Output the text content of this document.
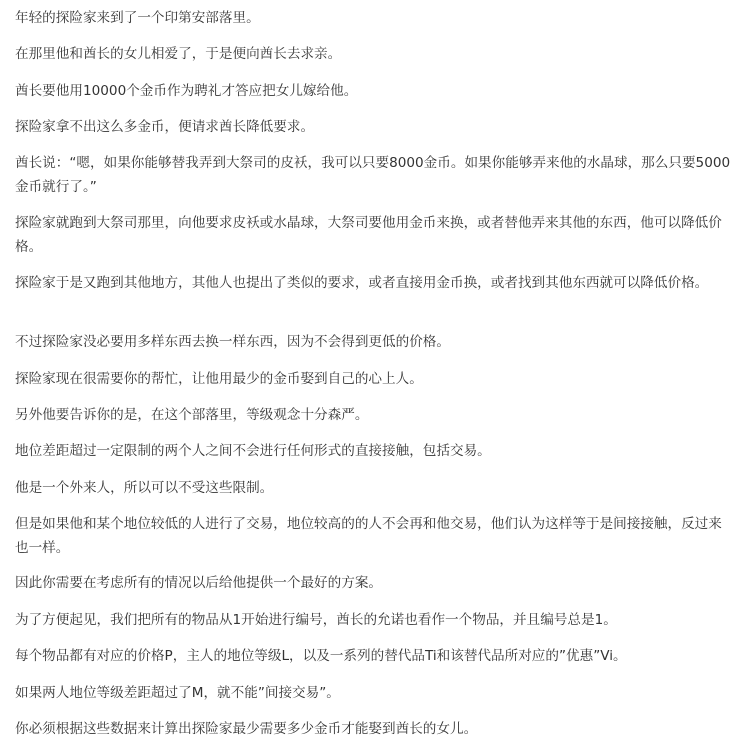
年轻的探险家来到了一个印第安部落里。

在那里他和酋长的女儿相爱了，于是便向酋长去求亲。

酋长要他用10000个金币作为聘礼才答应把女儿嫁给他。

探险家拿不出这么多金币，便请求酋长降低要求。

酋长说：“嗯，如果你能够替我弄到大祭司的皮袄，我可以只要8000金币。如果你能够弄来他的水晶球，那么只要5000金币就行了。”

探险家就跑到大祭司那里，向他要求皮袄或水晶球，大祭司要他用金币来换，或者替他弄来其他的东西，他可以降低价格。

探险家于是又跑到其他地方，其他人也提出了类似的要求，或者直接用金币换，或者找到其他东西就可以降低价格。

不过探险家没必要用多样东西去换一样东西，因为不会得到更低的价格。

探险家现在很需要你的帮忙，让他用最少的金币娶到自己的心上人。

另外他要告诉你的是，在这个部落里，等级观念十分森严。

地位差距超过一定限制的两个人之间不会进行任何形式的直接接触，包括交易。

他是一个外来人，所以可以不受这些限制。

但是如果他和某个地位较低的人进行了交易，地位较高的的人不会再和他交易，他们认为这样等于是间接接触，反过来也一样。

因此你需要在考虑所有的情况以后给他提供一个最好的方案。

为了方便起见，我们把所有的物品从1开始进行编号，酋长的允诺也看作一个物品，并且编号总是1。

每个物品都有对应的价格P，主人的地位等级L，以及一系列的替代品Ti和该替代品所对应的”优惠”Vi。

如果两人地位等级差距超过了M，就不能”间接交易”。

你必须根据这些数据来计算出探险家最少需要多少金币才能娶到酋长的女儿。
